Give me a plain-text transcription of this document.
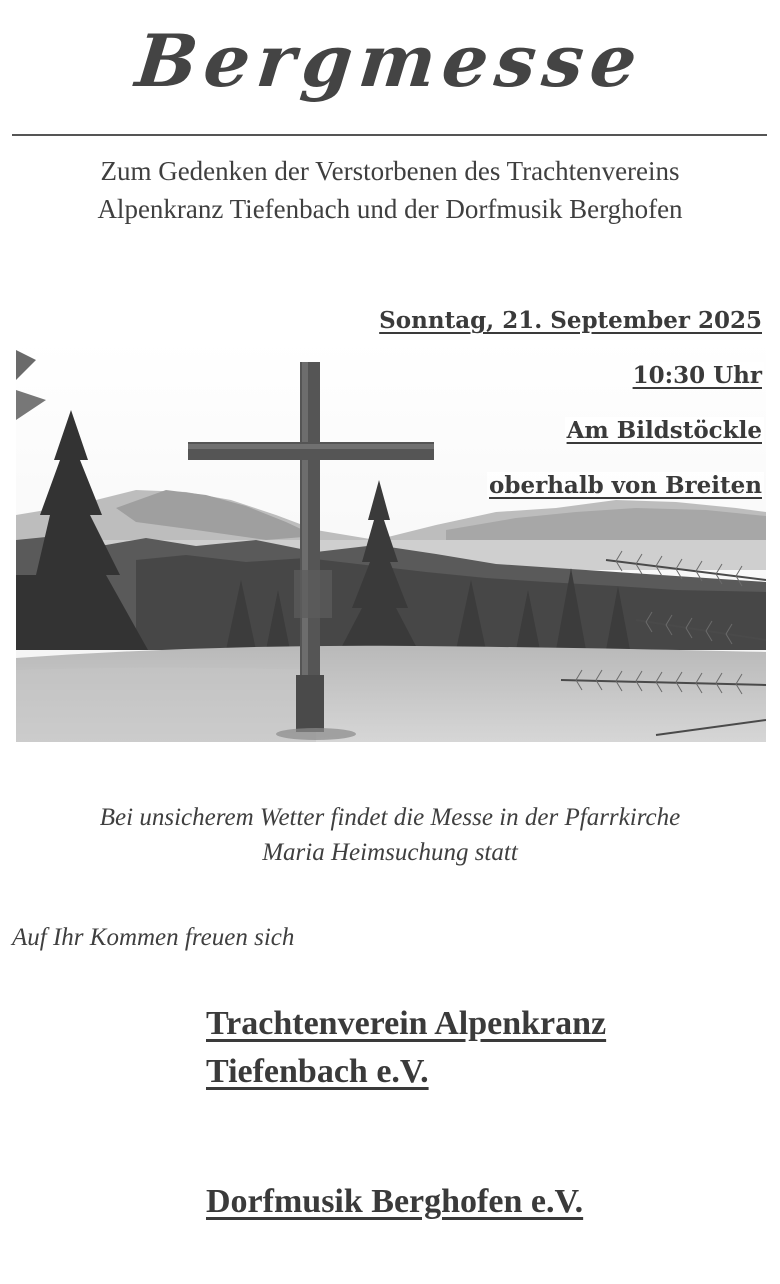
Bergmesse
Zum Gedenken der Verstorbenen des Trachtenvereins
Alpenkranz Tiefenbach und der Dorfmusik Berghofen
Sonntag, 21. September 2025
10:30 Uhr
Am Bildstöckle
oberhalb von Breiten
Bei unsicherem Wetter findet die Messe in der Pfarrkirche
Maria Heimsuchung statt
Auf Ihr Kommen freuen sich
Trachtenverein Alpenkranz
Tiefenbach e.V.
Dorfmusik Berghofen e.V.
